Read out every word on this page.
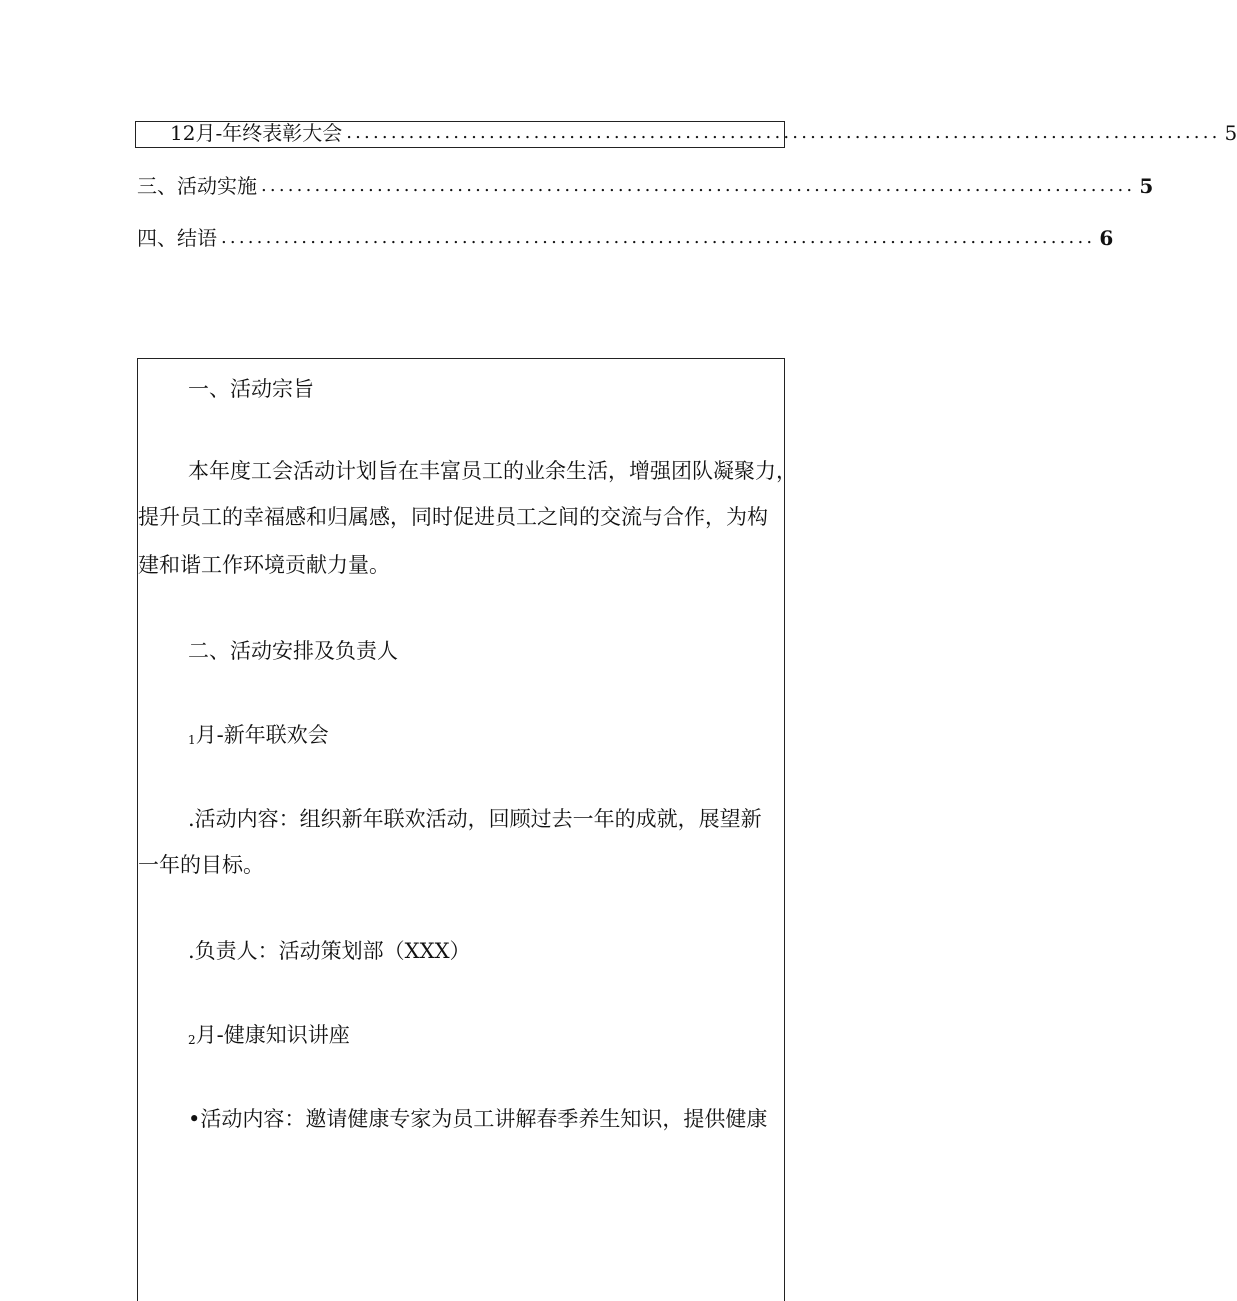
12月-年终表彰大会 .................................................................................................. 5
三、活动实施 .................................................................................................. 5
四、结语 .................................................................................................. 6
一、活动宗旨
本年度工会活动计划旨在丰富员工的业余生活，增强团队凝聚力，
提升员工的幸福感和归属感，同时促进员工之间的交流与合作，为构
建和谐工作环境贡献力量。
二、活动安排及负责人
1月-新年联欢会
.活动内容：组织新年联欢活动，回顾过去一年的成就，展望新
一年的目标。
.负责人：活动策划部（XXX）
2月-健康知识讲座
•活动内容：邀请健康专家为员工讲解春季养生知识，提供健康
